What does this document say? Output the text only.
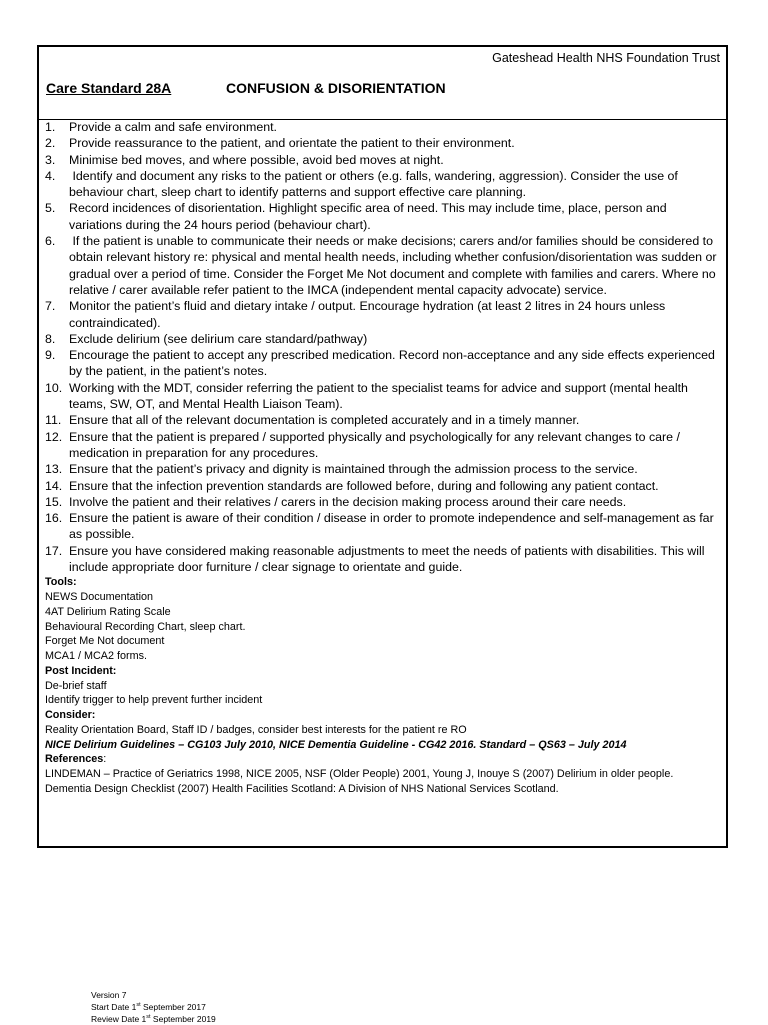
Gateshead Health NHS Foundation Trust
Care Standard 28A	CONFUSION & DISORIENTATION
1. Provide a calm and safe environment.
2. Provide reassurance to the patient, and orientate the patient to their environment.
3. Minimise bed moves, and where possible, avoid bed moves at night.
4. Identify and document any risks to the patient or others (e.g. falls, wandering, aggression). Consider the use of behaviour chart, sleep chart to identify patterns and support effective care planning.
5. Record incidences of disorientation. Highlight specific area of need. This may include time, place, person and variations during the 24 hours period (behaviour chart).
6. If the patient is unable to communicate their needs or make decisions; carers and/or families should be considered to obtain relevant history re: physical and mental health needs, including whether confusion/disorientation was sudden or gradual over a period of time. Consider the Forget Me Not document and complete with families and carers. Where no relative / carer available refer patient to the IMCA (independent mental capacity advocate) service.
7. Monitor the patient’s fluid and dietary intake / output. Encourage hydration (at least 2 litres in 24 hours unless contraindicated).
8. Exclude delirium (see delirium care standard/pathway)
9. Encourage the patient to accept any prescribed medication. Record non-acceptance and any side effects experienced by the patient, in the patient’s notes.
10. Working with the MDT, consider referring the patient to the specialist teams for advice and support (mental health teams, SW, OT, and Mental Health Liaison Team).
11. Ensure that all of the relevant documentation is completed accurately and in a timely manner.
12. Ensure that the patient is prepared / supported physically and psychologically for any relevant changes to care / medication in preparation for any procedures.
13. Ensure that the patient’s privacy and dignity is maintained through the admission process to the service.
14. Ensure that the infection prevention standards are followed before, during and following any patient contact.
15. Involve the patient and their relatives / carers in the decision making process around their care needs.
16. Ensure the patient is aware of their condition / disease in order to promote independence and self-management as far as possible.
17. Ensure you have considered making reasonable adjustments to meet the needs of patients with disabilities. This will include appropriate door furniture / clear signage to orientate and guide.
Tools:
NEWS Documentation
4AT Delirium Rating Scale
Behavioural Recording Chart, sleep chart.
Forget Me Not document
MCA1 / MCA2 forms.
Post Incident:
De-brief staff
Identify trigger to help prevent further incident
Consider:
Reality Orientation Board, Staff ID / badges, consider best interests for the patient re RO
NICE Delirium Guidelines – CG103 July 2010, NICE Dementia Guideline - CG42 2016. Standard – QS63 – July 2014
References:
LINDEMAN – Practice of Geriatrics 1998, NICE 2005, NSF (Older People) 2001, Young J, Inouye S (2007) Delirium in older people.
Dementia Design Checklist (2007) Health Facilities Scotland: A Division of NHS National Services Scotland.
Version 7
Start Date 1st September 2017
Review Date 1st September 2019
